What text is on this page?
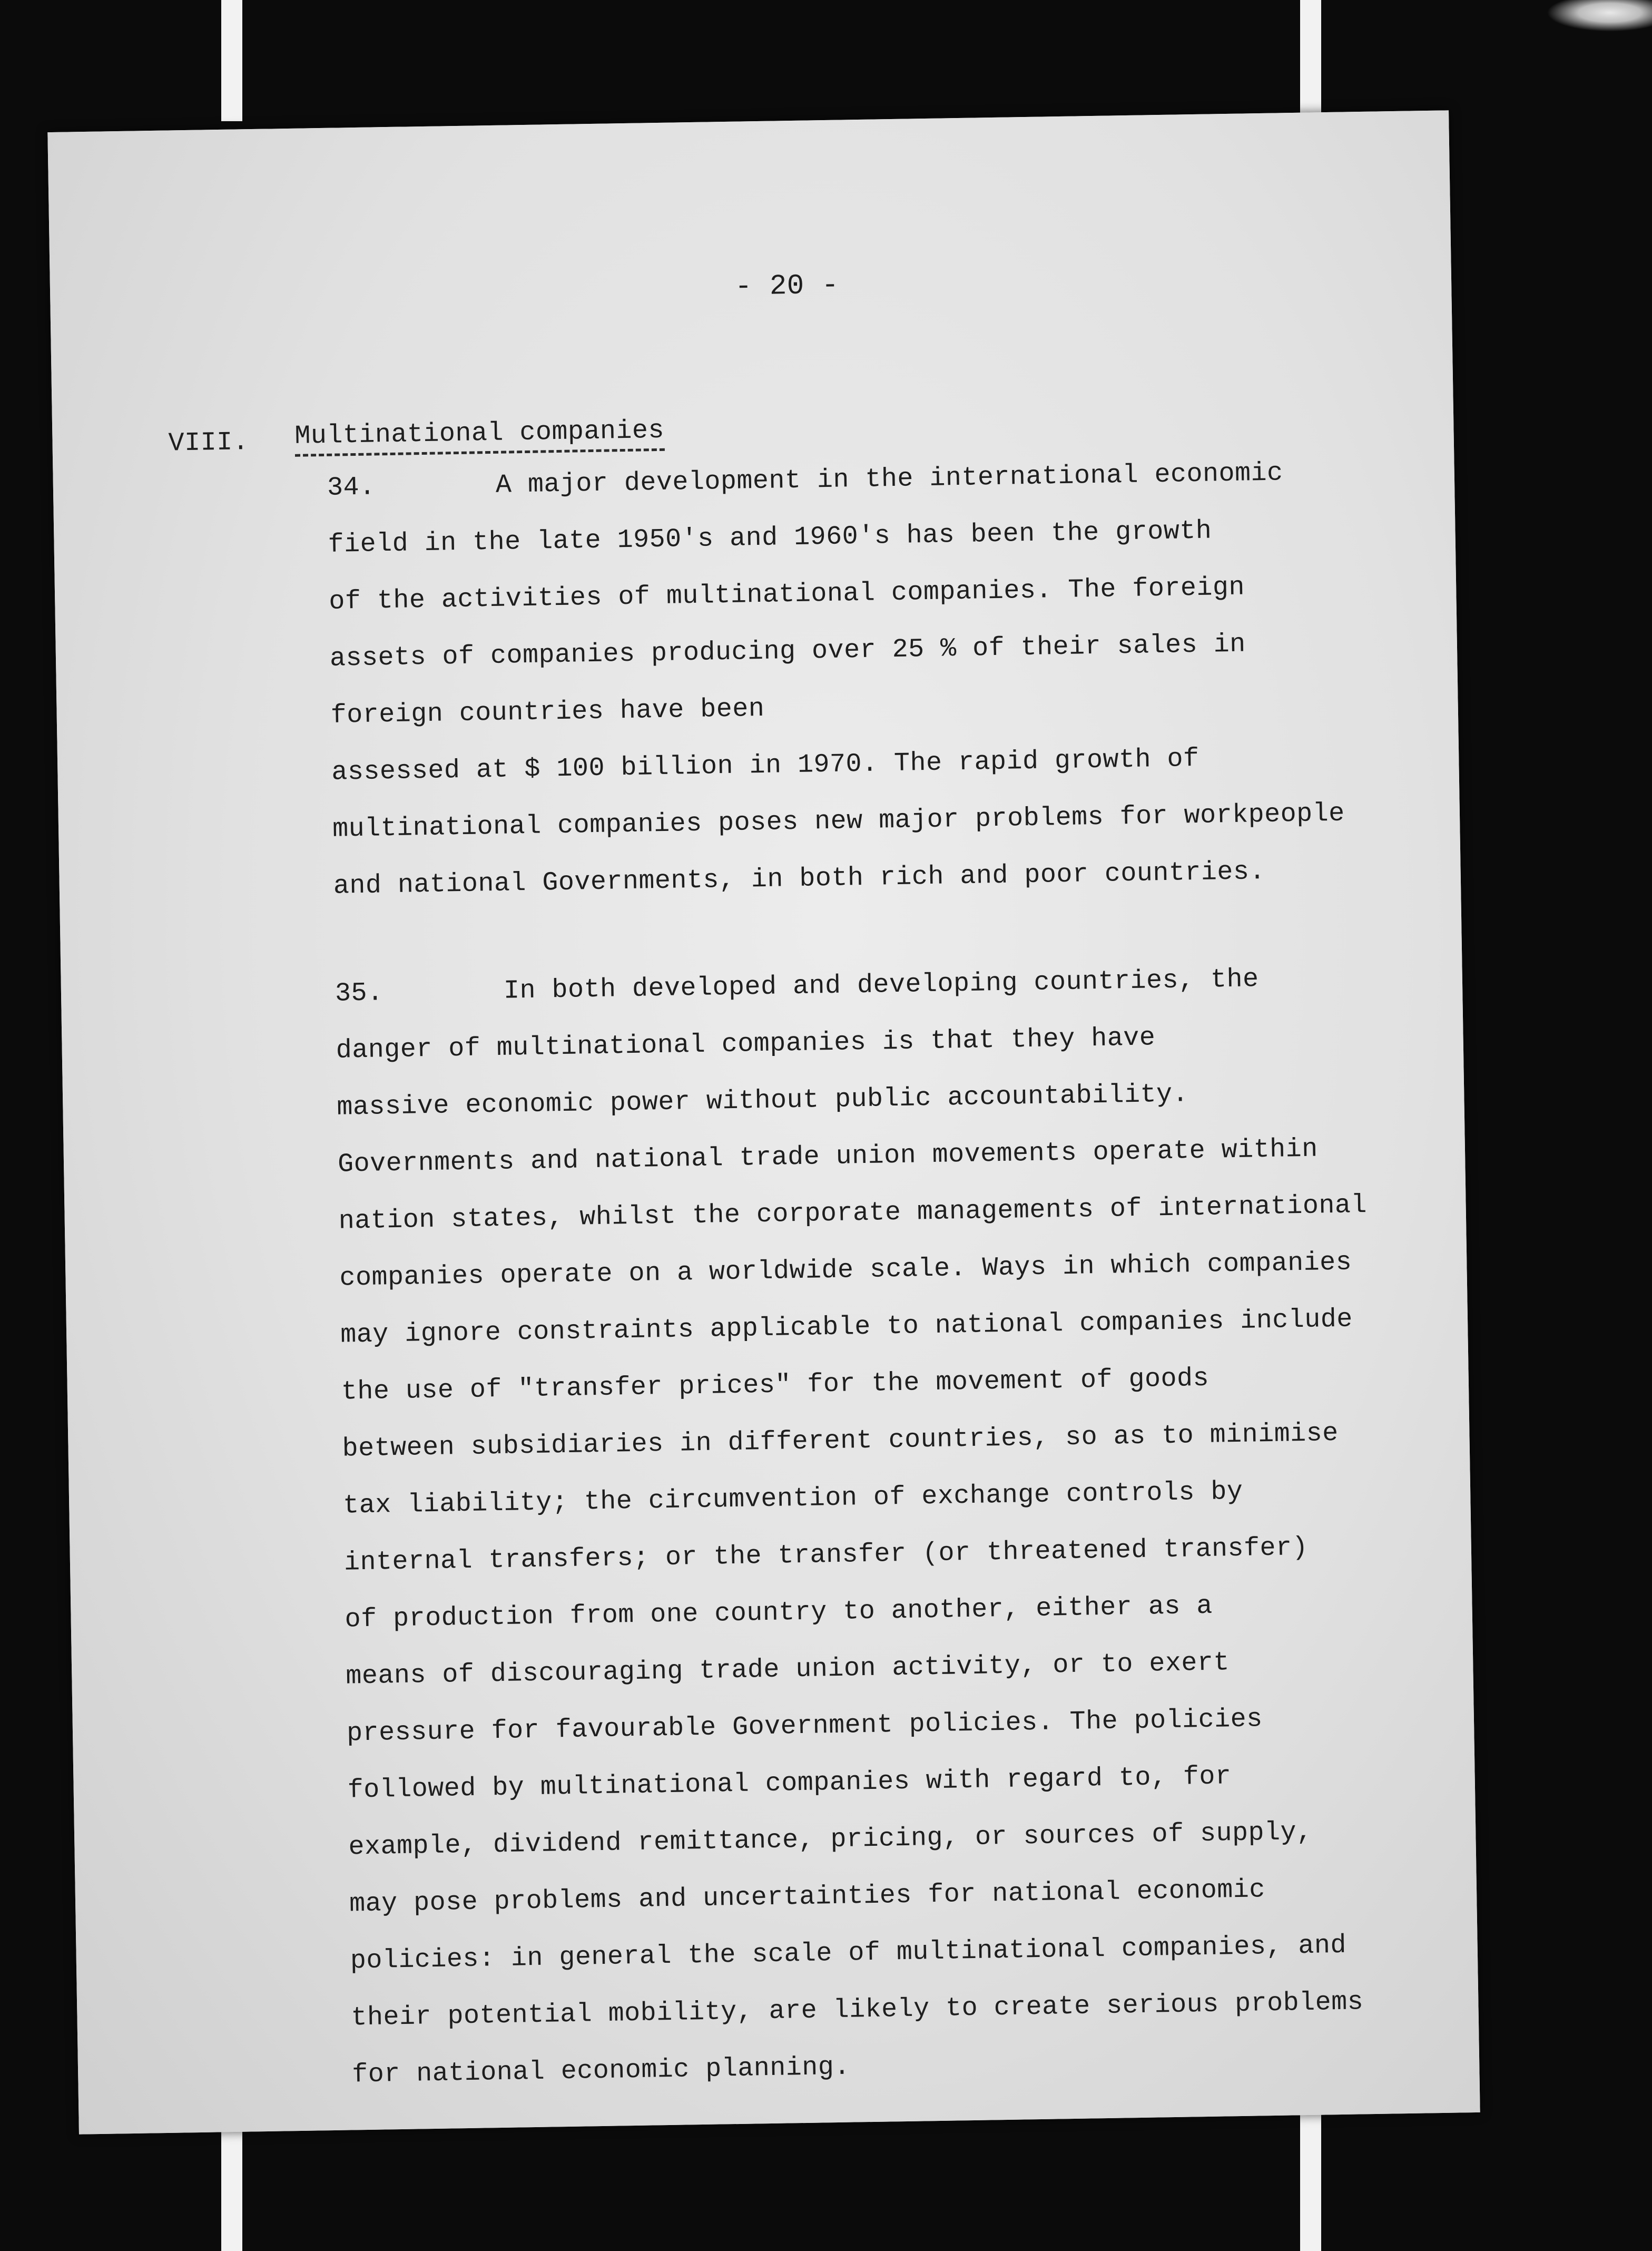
- 20 -
VIII. Multinational companies
34.	A major development in the international economic
field in the late 1950's and 1960's has been the growth
of the activities of multinational companies. The foreign
assets of companies producing over 25 % of their sales in
foreign countries have been
assessed at $ 100 billion in 1970. The rapid growth of
multinational companies poses new major problems for workpeople
and national Governments, in both rich and poor countries.
35.	In both developed and developing countries, the
danger of multinational companies is that they have
massive economic power without public accountability.
Governments and national trade union movements operate within
nation states, whilst the corporate managements of international
companies operate on a worldwide scale. Ways in which companies
may ignore constraints applicable to national companies include
the use of "transfer prices" for the movement of goods
between subsidiaries in different countries, so as to minimise
tax liability; the circumvention of exchange controls by
internal transfers; or the transfer (or threatened transfer)
of production from one country to another, either as a
means of discouraging trade union activity, or to exert
pressure for favourable Government policies. The policies
followed by multinational companies with regard to, for
example, dividend remittance, pricing, or sources of supply,
may pose problems and uncertainties for national economic
policies: in general the scale of multinational companies, and
their potential mobility, are likely to create serious problems
for national economic planning.
